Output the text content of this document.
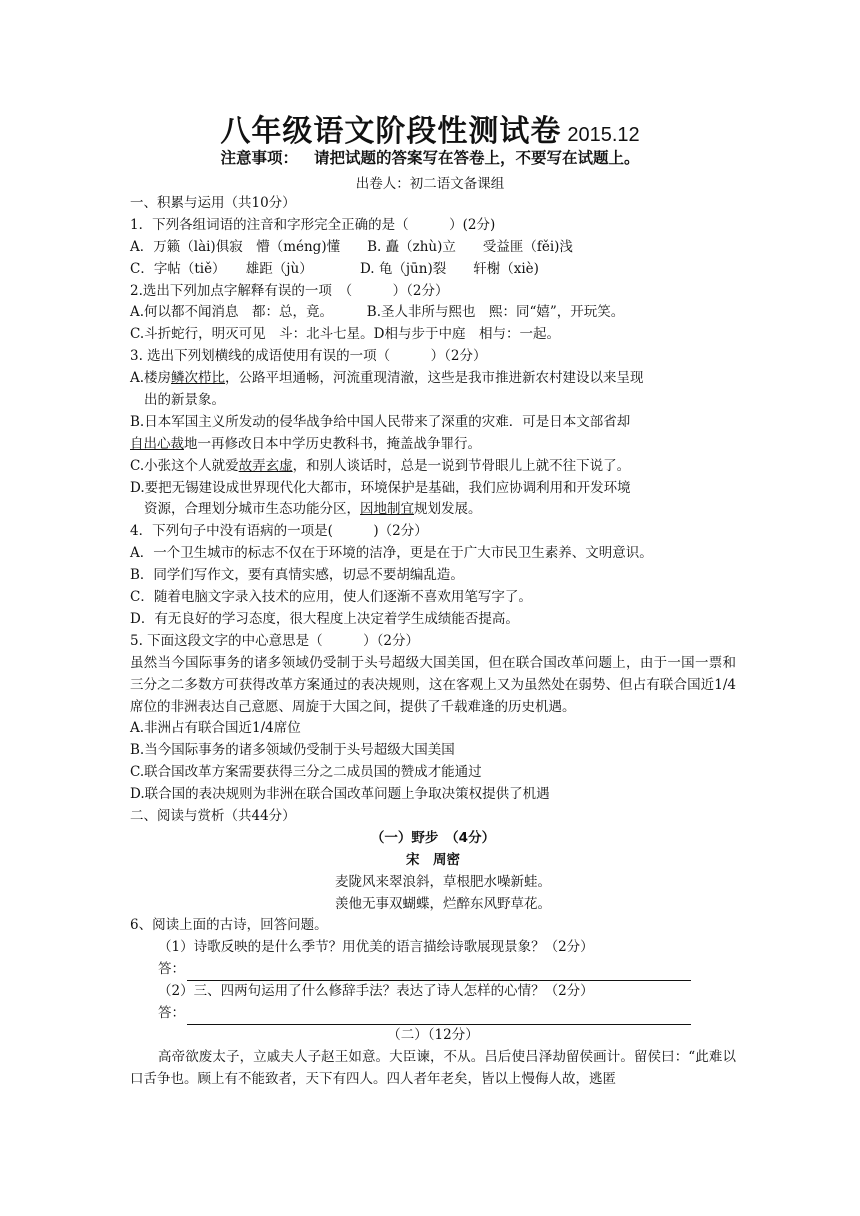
八年级语文阶段性测试卷 2015.12
注意事项： 请把试题的答案写在答卷上，不要写在试题上。
出卷人：初二语文备课组
一、积累与运用（共10分）
1．下列各组词语的注音和字形完全正确的是（　　　）(2分)
A．万籁（lài)俱寂　懵（méng)懂　　B. 矗（zhù)立　　受益匪（fěi)浅
C．字帖（tiě）　　雄距（jù）　　　　D. 龟（jūn)裂　　轩榭（xiè)
2.选出下列加点字解释有误的一项　（　　　）（2分）
A.何以都不闻消息　都：总，竟。　　　B.圣人非所与熙也　熙：同“嬉”，开玩笑。
C.斗折蛇行，明灭可见　斗：北斗七星。D相与步于中庭　相与：一起。
3. 选出下列划横线的成语使用有误的一项（　　　）（2分）
A.楼房鳞次栉比，公路平坦通畅，河流重现清澈，这些是我市推进新农村建设以来呈现
出的新景象。
B.日本军国主义所发动的侵华战争给中国人民带来了深重的灾难．可是日本文部省却
自出心裁地一再修改日本中学历史教科书，掩盖战争罪行。
C.小张这个人就爱故弄玄虚，和别人谈话时，总是一说到节骨眼儿上就不往下说了。
D.要把无锡建设成世界现代化大都市，环境保护是基础，我们应协调利用和开发环境
资源，合理划分城市生态功能分区，因地制宜规划发展。
4．下列句子中没有语病的一项是(　　　)（2分）
A．一个卫生城市的标志不仅在于环境的洁净，更是在于广大市民卫生素养、文明意识。
B．同学们写作文，要有真情实感，切忌不要胡编乱造。
C．随着电脑文字录入技术的应用，使人们逐渐不喜欢用笔写字了。
D．有无良好的学习态度，很大程度上决定着学生成绩能否提高。
5. 下面这段文字的中心意思是（　　　）（2分）
虽然当今国际事务的诸多领域仍受制于头号超级大国美国，但在联合国改革问题上，由于一国一票和三分之二多数方可获得改革方案通过的表决规则，这在客观上又为虽然处在弱势、但占有联合国近1/4席位的非洲表达自己意愿、周旋于大国之间，提供了千载难逢的历史机遇。
A.非洲占有联合国近1/4席位
B.当今国际事务的诸多领域仍受制于头号超级大国美国
C.联合国改革方案需要获得三分之二成员国的赞成才能通过
D.联合国的表决规则为非洲在联合国改革问题上争取决策权提供了机遇
二、阅读与赏析（共44分）
（一）野步　（4分）
宋　周密
麦陇风来翠浪斜，草根肥水噪新蛙。
羡他无事双蝴蝶，烂醉东风野草花。
6、阅读上面的古诗，回答问题。
（1）诗歌反映的是什么季节？用优美的语言描绘诗歌展现景象？（2分）
答：
（2）三、四两句运用了什么修辞手法？表达了诗人怎样的心情？（2分）
答：
（二）（12分）
高帝欲废太子，立戚夫人子赵王如意。大臣谏，不从。吕后使吕泽劫留侯画计。留侯曰：“此难以口舌争也。顾上有不能致者，天下有四人。四人者年老矣，皆以上慢侮人故，逃匿
